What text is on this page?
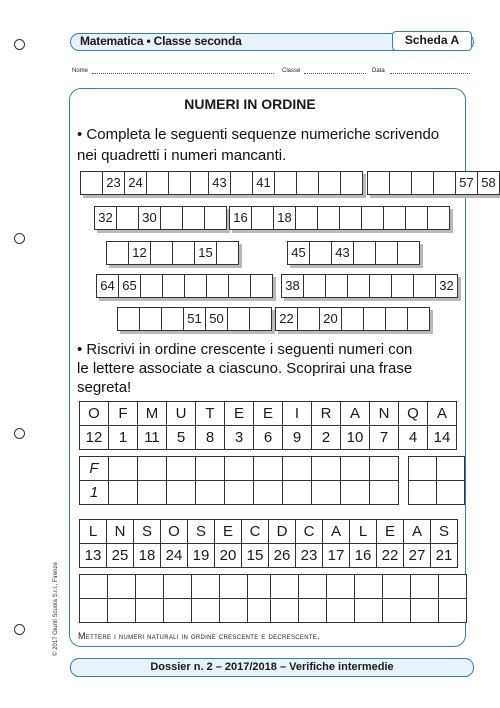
Matematica • Classe seconda	Scheda A
Nome	Classe	Data
NUMERI IN ORDINE
• Completa le seguenti sequenze numeriche scrivendo
nei quadretti i numeri mancanti.
23 24	43	41	57 58
32	30	16	18
12	15	45	43
64 65	38	32
51 50	22	20
• Riscrivi in ordine crescente i seguenti numeri con
le lettere associate a ciascuno. Scoprirai una frase
segreta!
O	F	M	U	T	E	E	I	R	A	N	Q	A
12	1	11	5	8	3	6	9	2	10	7	4	14
F
1
L	N	S	O	S	E	C	D	C	A	L	E	A	S
13 25 18 24 19 20 15 26 23 17 16 22 27 21
Mettere i numeri naturali in ordine crescente e decrescente.
© 2017 Giunti Scuola S.r.l., Firenze
Dossier n. 2 – 2017/2018 – Verifiche intermedie
